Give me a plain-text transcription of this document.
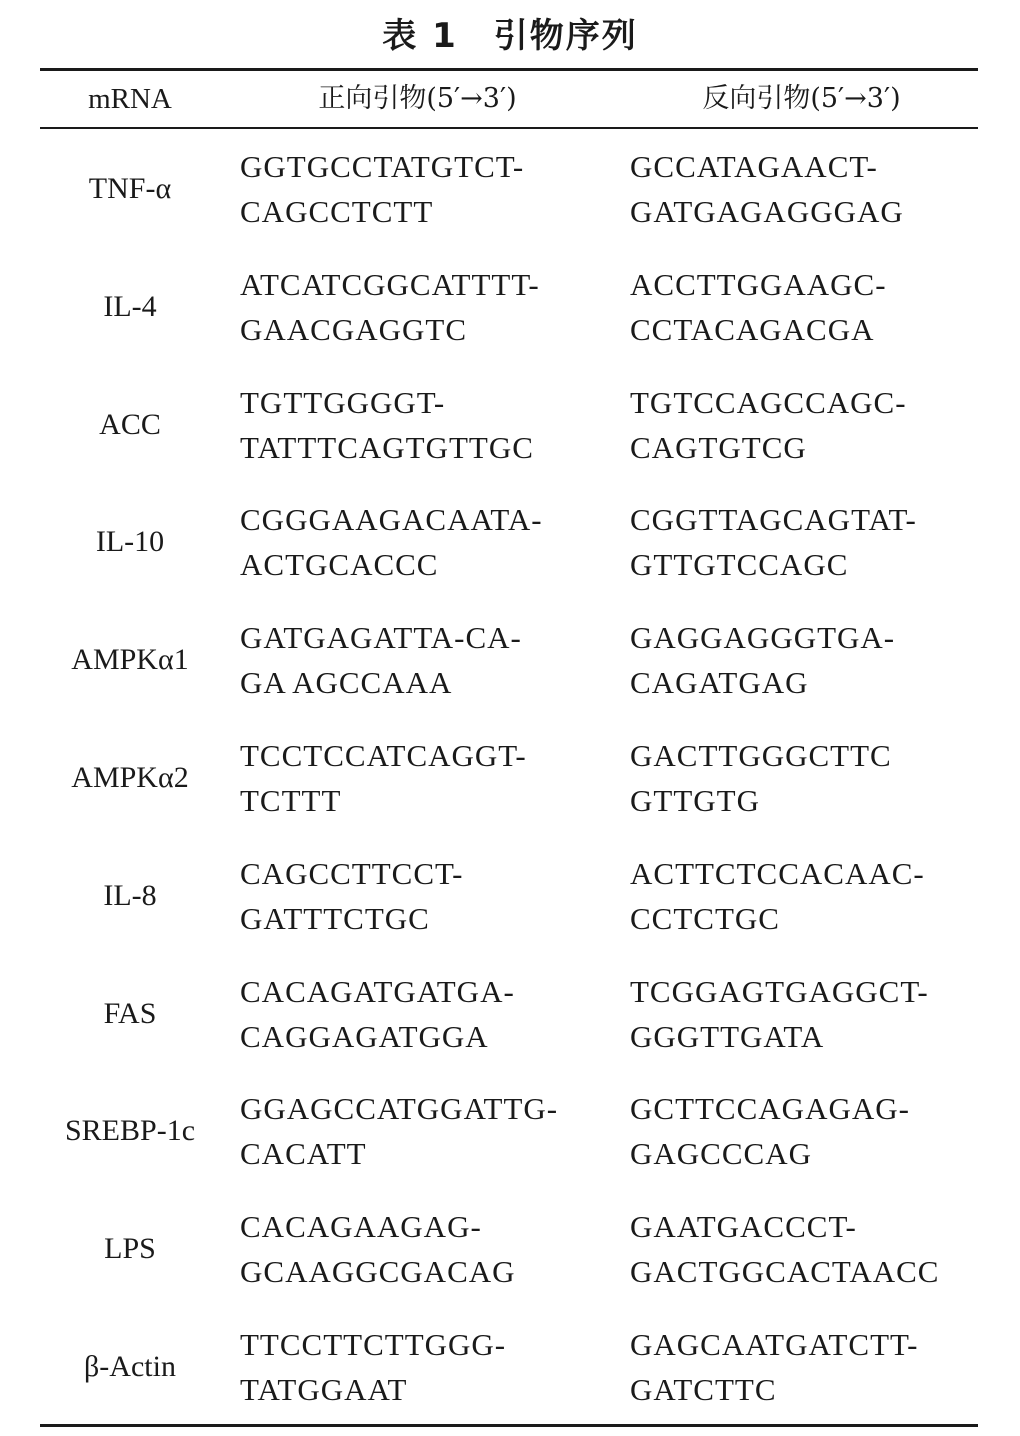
表 1　引物序列
mRNA	正向引物(5′→3′)	反向引物(5′→3′)
TNF-α
GGTGCCTATGTCT-
CAGCCTCTT
GCCATAGAACT-
GATGAGAGGGAG
IL-4
ATCATCGGCATTTT-
GAACGAGGTC
ACCTTGGAAGC-
CCTACAGACGA
ACC
TGTTGGGGT-
TATTTCAGTGTTGC
TGTCCAGCCAGC-
CAGTGTCG
IL-10
CGGGAAGACAATA-
ACTGCACCC
CGGTTAGCAGTAT-
GTTGTCCAGC
AMPKα1
GATGAGATTA-CA-
GA AGCCAAA
GAGGAGGGTGA-
CAGATGAG
AMPKα2
TCCTCCATCAGGT-
TCTTT
GACTTGGGCTTC
GTTGTG
IL-8
CAGCCTTCCT-
GATTTCTGC
ACTTCTCCACAAC-
CCTCTGC
FAS
CACAGATGATGA-
CAGGAGATGGA
TCGGAGTGAGGCT-
GGGTTGATA
SREBP-1c
GGAGCCATGGATTG-
CACATT
GCTTCCAGAGAG-
GAGCCCAG
LPS
CACAGAAGAG-
GCAAGGCGACAG
GAATGACCCT-
GACTGGCACTAACC
β-Actin
TTCCTTCTTGGG-
TATGGAAT
GAGCAATGATCTT-
GATCTTC
